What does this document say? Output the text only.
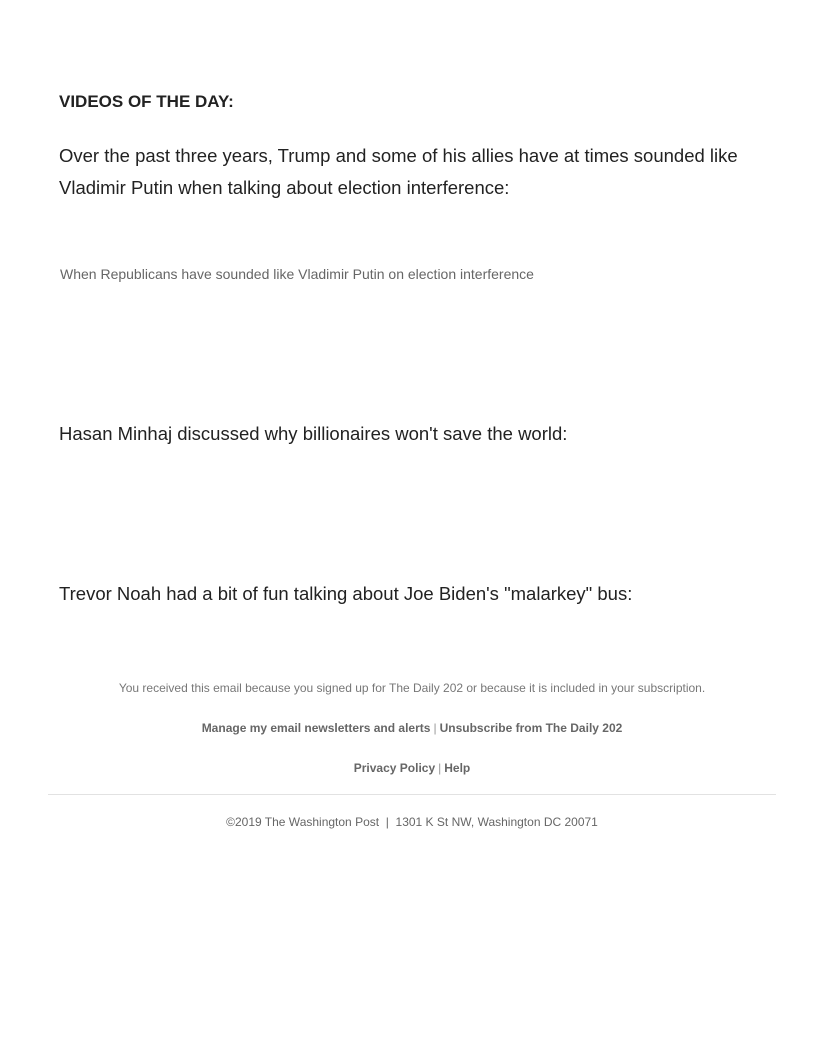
VIDEOS OF THE DAY:

Over the past three years, Trump and some of his allies have at times sounded like Vladimir Putin when talking about election interference:

When Republicans have sounded like Vladimir Putin on election interference

Hasan Minhaj discussed why billionaires won't save the world:

Trevor Noah had a bit of fun talking about Joe Biden's "malarkey" bus:

You received this email because you signed up for The Daily 202 or because it is included in your subscription.

Manage my email newsletters and alerts | Unsubscribe from The Daily 202

Privacy Policy | Help

©2019 The Washington Post  |  1301 K St NW, Washington DC 20071
